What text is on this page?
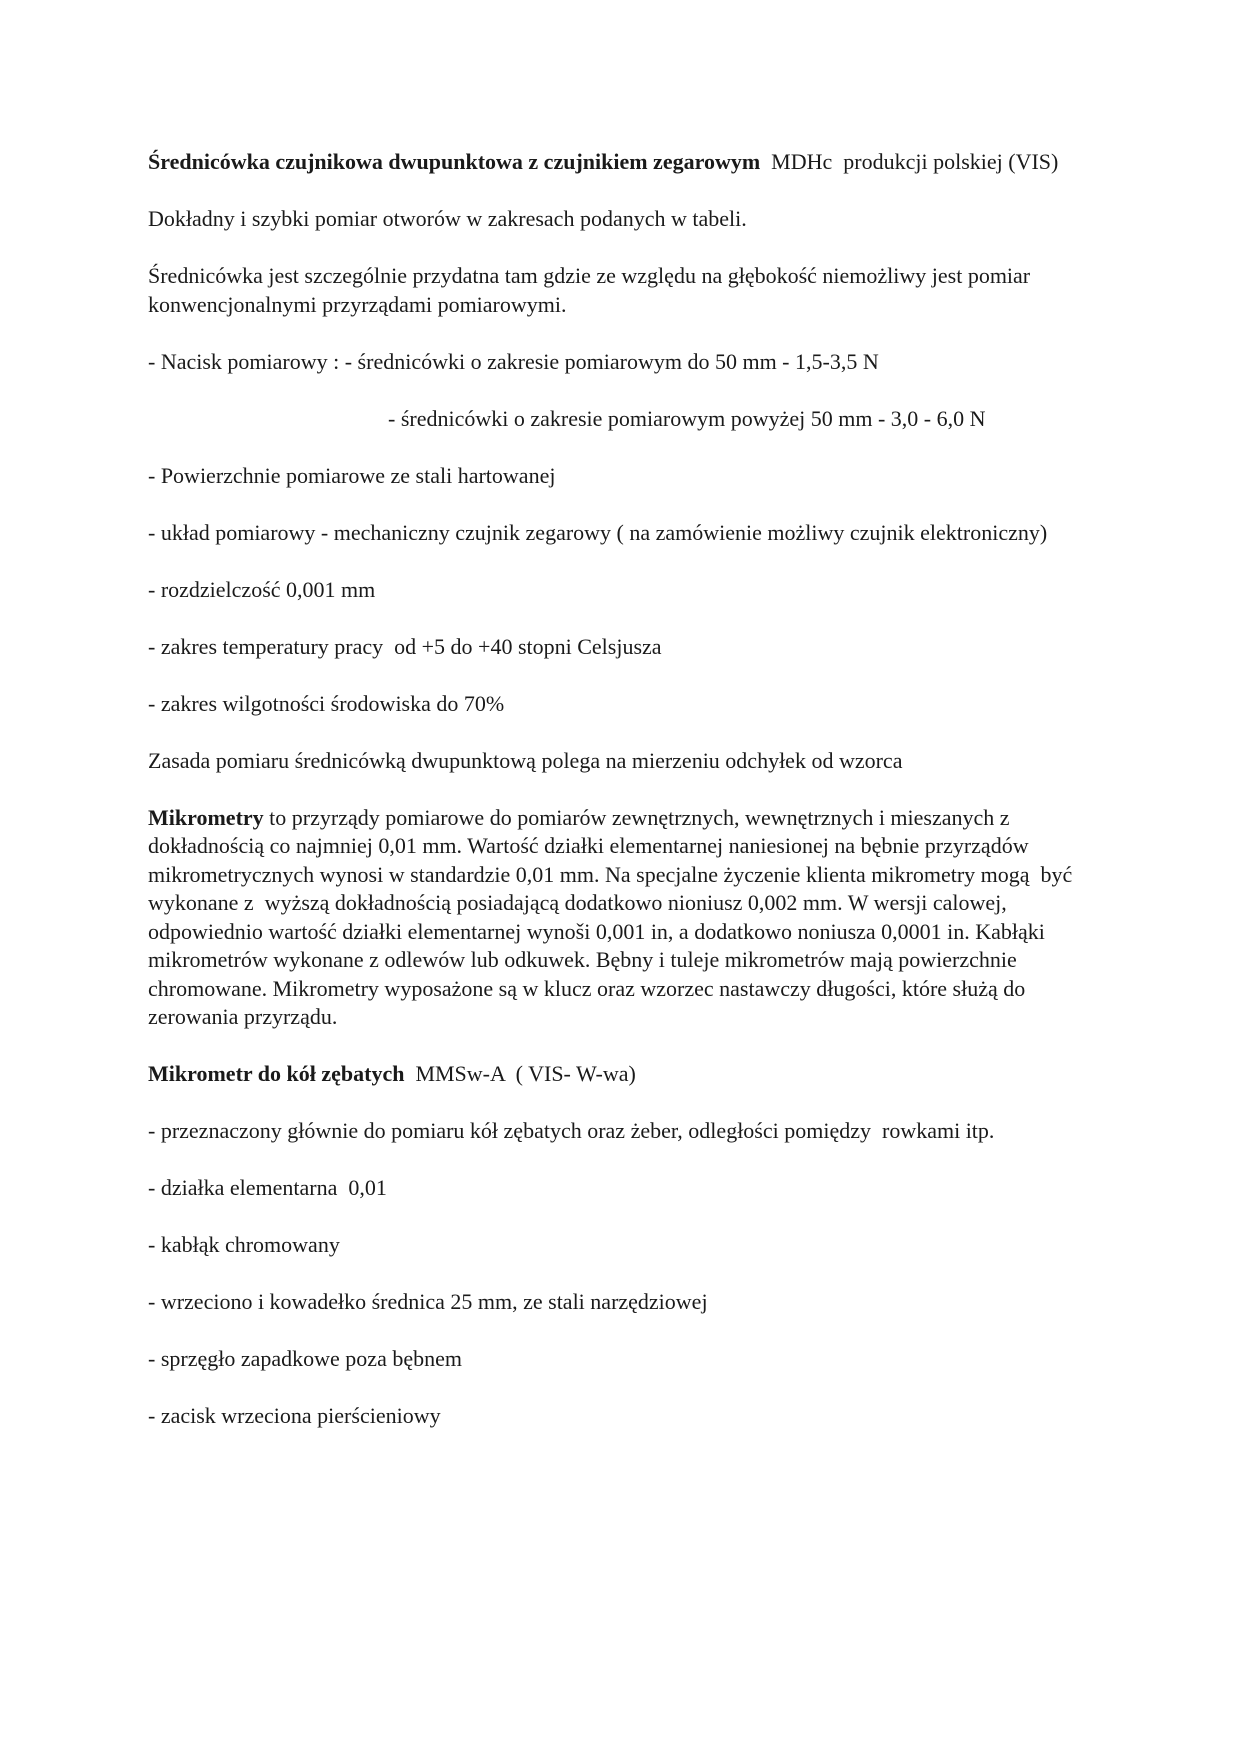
Średnicówka czujnikowa dwupunktowa z czujnikiem zegarowym  MDHc  produkcji polskiej (VIS)

Dokładny i szybki pomiar otworów w zakresach podanych w tabeli.

Średnicówka jest szczególnie przydatna tam gdzie ze względu na głębokość niemożliwy jest pomiar konwencjonalnymi przyrządami pomiarowymi.

- Nacisk pomiarowy : - średnicówki o zakresie pomiarowym do 50 mm - 1,5-3,5 N

- średnicówki o zakresie pomiarowym powyżej 50 mm - 3,0 - 6,0 N

- Powierzchnie pomiarowe ze stali hartowanej

- układ pomiarowy - mechaniczny czujnik zegarowy ( na zamówienie możliwy czujnik elektroniczny)

- rozdzielczość 0,001 mm

- zakres temperatury pracy  od +5 do +40 stopni Celsjusza

- zakres wilgotności środowiska do 70%

Zasada pomiaru średnicówką dwupunktową polega na mierzeniu odchyłek od wzorca

Mikrometry to przyrządy pomiarowe do pomiarów zewnętrznych, wewnętrznych i mieszanych z dokładnością co najmniej 0,01 mm. Wartość działki elementarnej naniesionej na bębnie przyrządów mikrometrycznych wynosi w standardzie 0,01 mm. Na specjalne życzenie klienta mikrometry mogą  być wykonane z  wyższą dokładnością posiadającą dodatkowo nioniusz 0,002 mm. W wersji calowej, odpowiednio wartość działki elementarnej wynoši 0,001 in, a dodatkowo noniusza 0,0001 in. Kabłąki mikrometrów wykonane z odlewów lub odkuwek. Bębny i tuleje mikrometrów mają powierzchnie chromowane. Mikrometry wyposażone są w klucz oraz wzorzec nastawczy długości, które służą do zerowania przyrządu.

Mikrometr do kół zębatych  MMSw-A  ( VIS- W-wa)

- przeznaczony głównie do pomiaru kół zębatych oraz żeber, odległości pomiędzy  rowkami itp.

- działka elementarna  0,01

- kabłąk chromowany

- wrzeciono i kowadełko średnica 25 mm, ze stali narzędziowej

- sprzęgło zapadkowe poza bębnem

- zacisk wrzeciona pierścieniowy
